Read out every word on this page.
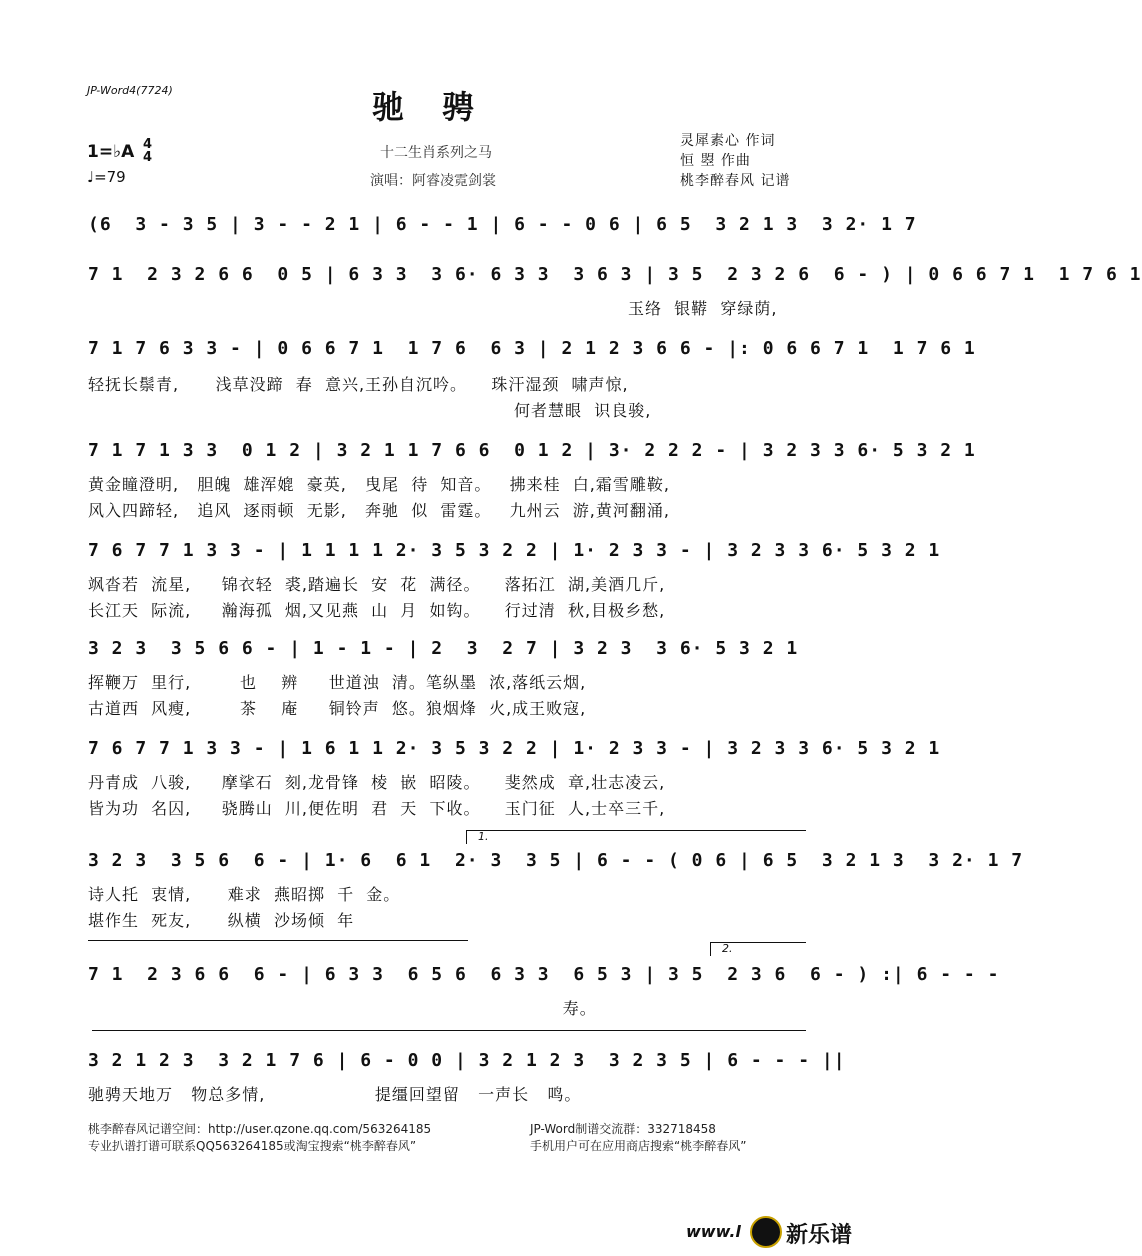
JP-Word4(7724)	驰骋
十二生肖系列之马
演唱：阿睿凌霓剑裳
1=♭A 4
4
♩=79
灵犀素心 作词
恒 曌 作曲
桃李醉春风 记谱
(6  3 - 3 5 | 3 - - 2 1 | 6 - - 1 | 6 - - 0 6 | 6 5  3 2 1 3  3 2· 1 7
7 1  2 3 2 6 6  0 5 | 6 3 3  3 6· 6 3 3  3 6 3 | 3 5  2 3 2 6  6 - ) | 0 6 6 7 1  1 7 6 1
玉络  银鞯  穿绿荫,
7 1 7 6 3 3 - | 0 6 6 7 1  1 7 6  6 3 | 2 1 2 3 6 6 - |: 0 6 6 7 1  1 7 6 1
轻抚长鬃青,      浅草没蹄  春  意兴,王孙自沉吟。    珠汗湿颈  啸声惊,
何者慧眼  识良骏,
7 1 7 1 3 3  0 1 2 | 3 2 1 1 7 6 6  0 1 2 | 3· 2 2 2 - | 3 2 3 3 6· 5 3 2 1
黄金瞳澄明,   胆魄  雄浑媲  豪英,   曳尾  待  知音。   拂来桂  白,霜雪雕鞍,
风入四蹄轻,   追风  逐雨顿  无影,   奔驰  似  雷霆。   九州云  游,黄河翻涌,
7 6 7 7 1 3 3 - | 1 1 1 1 2· 3 5 3 2 2 | 1· 2 3 3 - | 3 2 3 3 6· 5 3 2 1
飒沓若  流星,     锦衣轻  裘,踏遍长  安  花  满径。    落拓江  湖,美酒几斤,
长江天  际流,     瀚海孤  烟,又见燕  山  月  如钩。    行过清  秋,目极乡愁,
3 2 3  3 5 6 6 - | 1 - 1 - | 2  3  2 7 | 3 2 3  3 6· 5 3 2 1
挥鞭万  里行,        也    辨     世道浊  清。笔纵墨  浓,落纸云烟,
古道西  风瘦,        茶    庵     铜铃声  悠。狼烟烽  火,成王败寇,
7 6 7 7 1 3 3 - | 1 6 1 1 2· 3 5 3 2 2 | 1· 2 3 3 - | 3 2 3 3 6· 5 3 2 1
丹青成  八骏,     摩挲石  刻,龙骨锋  棱  嵌  昭陵。    斐然成  章,壮志凌云,
皆为功  名囚,     骁腾山  川,便佐明  君  天  下收。    玉门征  人,士卒三千,
1.
3 2 3  3 5 6  6 - | 1· 6  6 1  2· 3  3 5 | 6 - - ( 0 6 | 6 5  3 2 1 3  3 2· 1 7
诗人托  衷情,      难求  燕昭掷  千  金。
堪作生  死友,      纵横  沙场倾  年
2.
7 1  2 3 6 6  6 - | 6 3 3  6 5 6  6 3 3  6 5 3 | 3 5  2 3 6  6 - ) :| 6 - - -
寿。
3 2 1 2 3  3 2 1 7 6 | 6 - 0 0 | 3 2 1 2 3  3 2 3 5 | 6 - - - ||
驰骋天地万   物总多情,                  提缰回望留   一声长   鸣。
桃李醉春风记谱空间：http://user.qzone.qq.com/563264185
专业扒谱打谱可联系QQ563264185或淘宝搜索“桃李醉春风”
JP-Word制谱交流群：332718458
手机用户可在应用商店搜索“桃李醉春风”
www.l 新乐谱
